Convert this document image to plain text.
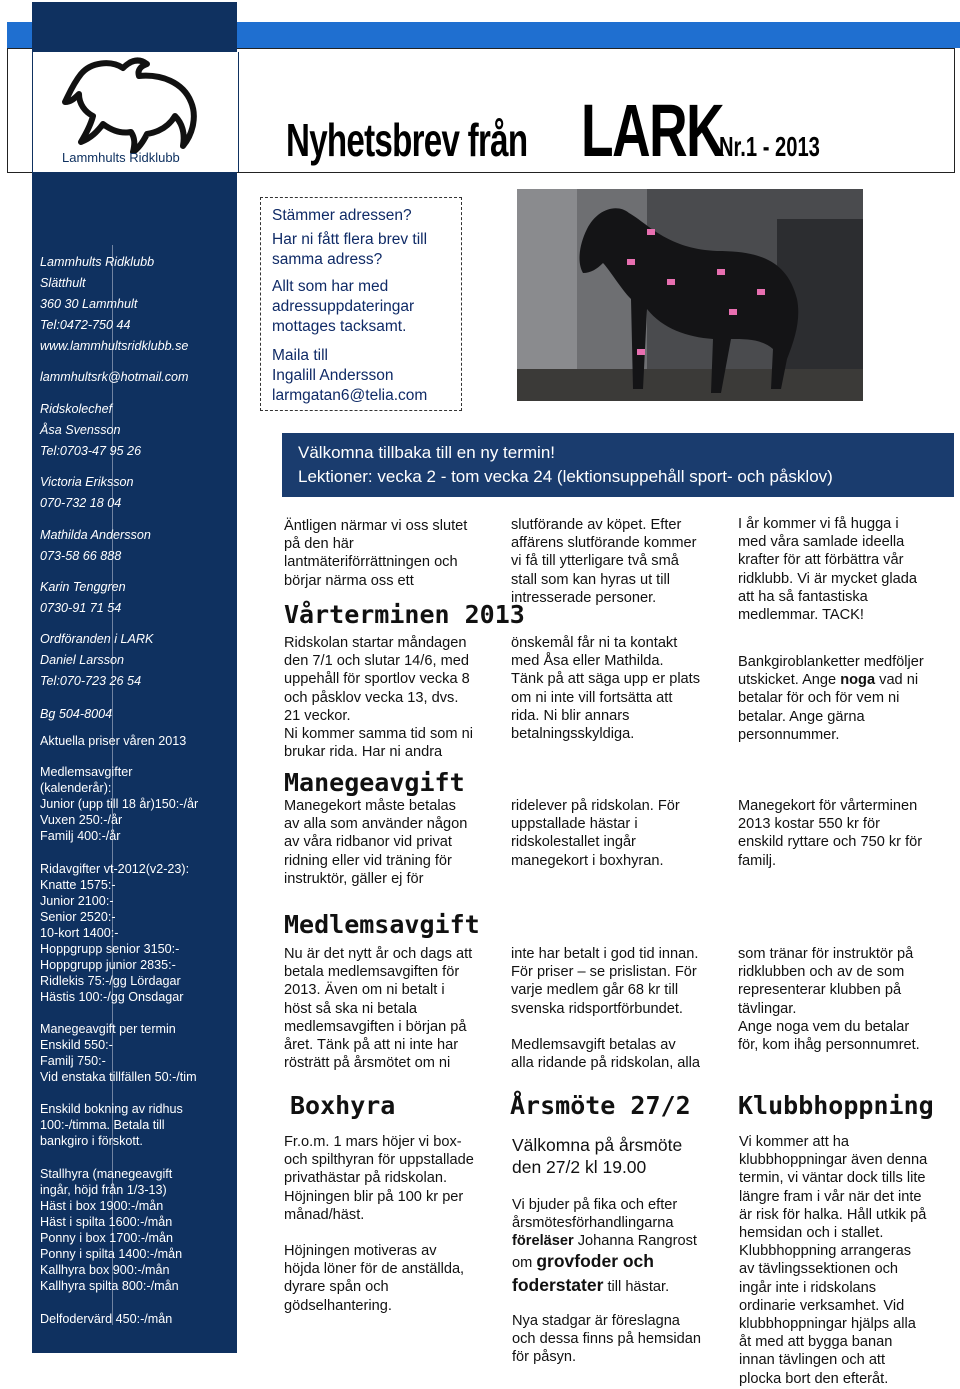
Lammhults Ridklubb Nyhetsbrev frånLARKNr.1 - 2013
Lammhults Ridklubb
Slätthult
360 30 Lammhult
Tel:0472-750 44
www.lammhultsridklubb.se
lammhultsrk@hotmail.com
Ridskolechef
Åsa Svensson
Tel:0703-47 95 26
Victoria Eriksson
070-732 18 04
Mathilda Andersson
073-58 66 888
Karin Tenggren
0730-91 71 54
Ordföranden i LARK
Daniel Larsson
Tel:070-723 26 54
Bg 504-8004
Aktuella priser våren 2013
Medlemsavgifter
(kalenderår):
Junior (upp till 18 år)150:-/år
Vuxen 250:-/år
Familj 400:-/år
Ridavgifter vt-2012(v2-23):
Knatte 1575:-
Junior 2100:-
Senior 2520:-
10-kort 1400:-
Hoppgrupp senior 3150:-
Hoppgrupp junior 2835:-
Ridlekis 75:-/gg Lördagar
Hästis 100:-/gg Onsdagar
Manegeavgift per termin
Enskild 550:-
Familj 750:-
Vid enstaka tillfällen 50:-/tim
Enskild bokning av ridhus
100:-/timma. Betala till
bankgiro i förskott.
Stallhyra (manegeavgift
ingår, höjd från 1/3-13)
Häst i box 1900:-/mån
Häst i spilta 1600:-/mån
Ponny i box 1700:-/mån
Ponny i spilta 1400:-/mån
Kallhyra box 900:-/mån
Kallhyra spilta 800:-/mån
Delfodervärd 450:-/mån
Stämmer adressen?
Har ni fått flera brev till
samma adress?
Allt som har med
adressuppdateringar
mottages tacksamt.
Maila till
Ingalill Andersson
larmgatan6@telia.com
Välkomna tillbaka till en ny termin!
Lektioner: vecka 2 - tom vecka 24 (lektionsuppehåll sport- och påsklov)
Äntligen närmar vi oss slutet
på den här
lantmäteriförrättningen och
börjar närma oss ett
slutförande av köpet. Efter
affärens slutförande kommer
vi få till ytterligare två små
stall som kan hyras ut till
intresserade personer.
I år kommer vi få hugga i
med våra samlade ideella
krafter för att förbättra vår
ridklubb. Vi är mycket glada
att ha så fantastiska
medlemmar. TACK!
Vårterminen 2013
Ridskolan startar måndagen
den 7/1 och slutar 14/6, med
uppehåll för sportlov vecka 8
och påsklov vecka 13, dvs.
21 veckor.
Ni kommer samma tid som ni
brukar rida. Har ni andra
önskemål får ni ta kontakt
med Åsa eller Mathilda.
Tänk på att säga upp er plats
om ni inte vill fortsätta att
rida. Ni blir annars
betalningsskyldiga.
Bankgiroblanketter medföljer
utskicket. Ange noga vad ni
betalar för och för vem ni
betalar. Ange gärna
personnummer.
Manegeavgift
Manegekort måste betalas
av alla som använder någon
av våra ridbanor vid privat
ridning eller vid träning för
instruktör, gäller ej för
ridelever på ridskolan. För
uppstallade hästar i
ridskolestallet ingår
manegekort i boxhyran.
Manegekort för vårterminen
2013 kostar 550 kr för
enskild ryttare och 750 kr för
familj.
Medlemsavgift
Nu är det nytt år och dags att
betala medlemsavgiften för
2013. Även om ni betalt i
höst så ska ni betala
medlemsavgiften i början på
året. Tänk på att ni inte har
rösträtt på årsmötet om ni
inte har betalt i god tid innan.
För priser – se prislistan. För
varje medlem går 68 kr till
svenska ridsportförbundet.
Medlemsavgift betalas av
alla ridande på ridskolan, alla
som tränar för instruktör på
ridklubben och av de som
representerar klubben på
tävlingar.
Ange noga vem du betalar
för, kom ihåg personnumret.
Boxhyra	Årsmöte 27/2 Klubbhoppning
Fr.o.m. 1 mars höjer vi box-
och spilthyran för uppstallade
privathästar på ridskolan.
Höjningen blir på 100 kr per
månad/häst.
Höjningen motiveras av
höjda löner för de anställda,
dyrare spån och
gödselhantering.
Välkomna på årsmöte
den 27/2 kl 19.00
Vi bjuder på fika och efter
årsmötesförhandlingarna
föreläser Johanna Rangrost
om grovfoder och
foderstater till hästar.
Nya stadgar är föreslagna
och dessa finns på hemsidan
för påsyn.
Vi kommer att ha
klubbhoppningar även denna
termin, vi väntar dock tills lite
längre fram i vår när det inte
är risk för halka. Håll utkik på
hemsidan och i stallet.
Klubbhoppning arrangeras
av tävlingssektionen och
ingår inte i ridskolans
ordinarie verksamhet. Vid
klubbhoppningar hjälps alla
åt med att bygga banan
innan tävlingen och att
plocka bort den efteråt.
